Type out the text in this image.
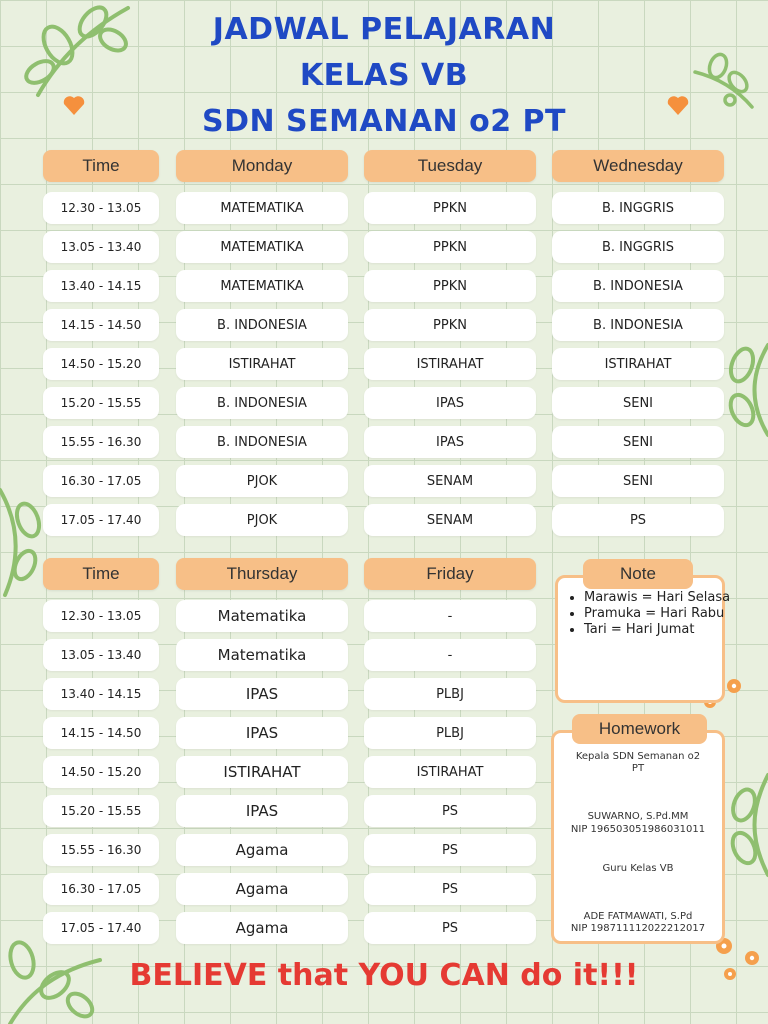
JADWAL PELAJARAN
KELAS VB
SDN SEMANAN o2 PT
Time	Monday	Tuesday	Wednesday
12.30 - 13.05	MATEMATIKA	PPKN	B. INGGRIS
13.05 - 13.40	MATEMATIKA	PPKN	B. INGGRIS
13.40 - 14.15	MATEMATIKA	PPKN	B. INDONESIA
14.15 - 14.50	B. INDONESIA	PPKN	B. INDONESIA
14.50 - 15.20	ISTIRAHAT	ISTIRAHAT	ISTIRAHAT
15.20 - 15.55	B. INDONESIA	IPAS	SENI
15.55 - 16.30	B. INDONESIA	IPAS	SENI
16.30 - 17.05	PJOK	SENAM	SENI
17.05 - 17.40	PJOK	SENAM	PS
Time	Thursday	Friday
12.30 - 13.05	Matematika	-
13.05 - 13.40	Matematika	-
13.40 - 14.15	IPAS	PLBJ
14.15 - 14.50	IPAS	PLBJ
14.50 - 15.20	ISTIRAHAT	ISTIRAHAT
15.20 - 15.55	IPAS	PS
15.55 - 16.30	Agama	PS
16.30 - 17.05	Agama	PS
17.05 - 17.40	Agama	PS
• Marawis = Hari Selasa
• Pramuka = Hari Rabu
• Tari = Hari Jumat
Note
Kepala SDN Semanan o2
PT
SUWARNO, S.Pd.MM
NIP 196503051986031011
Guru Kelas VB
ADE FATMAWATI, S.Pd
NIP 198711112022212017
Homework
BELIEVE that YOU CAN do it!!!
